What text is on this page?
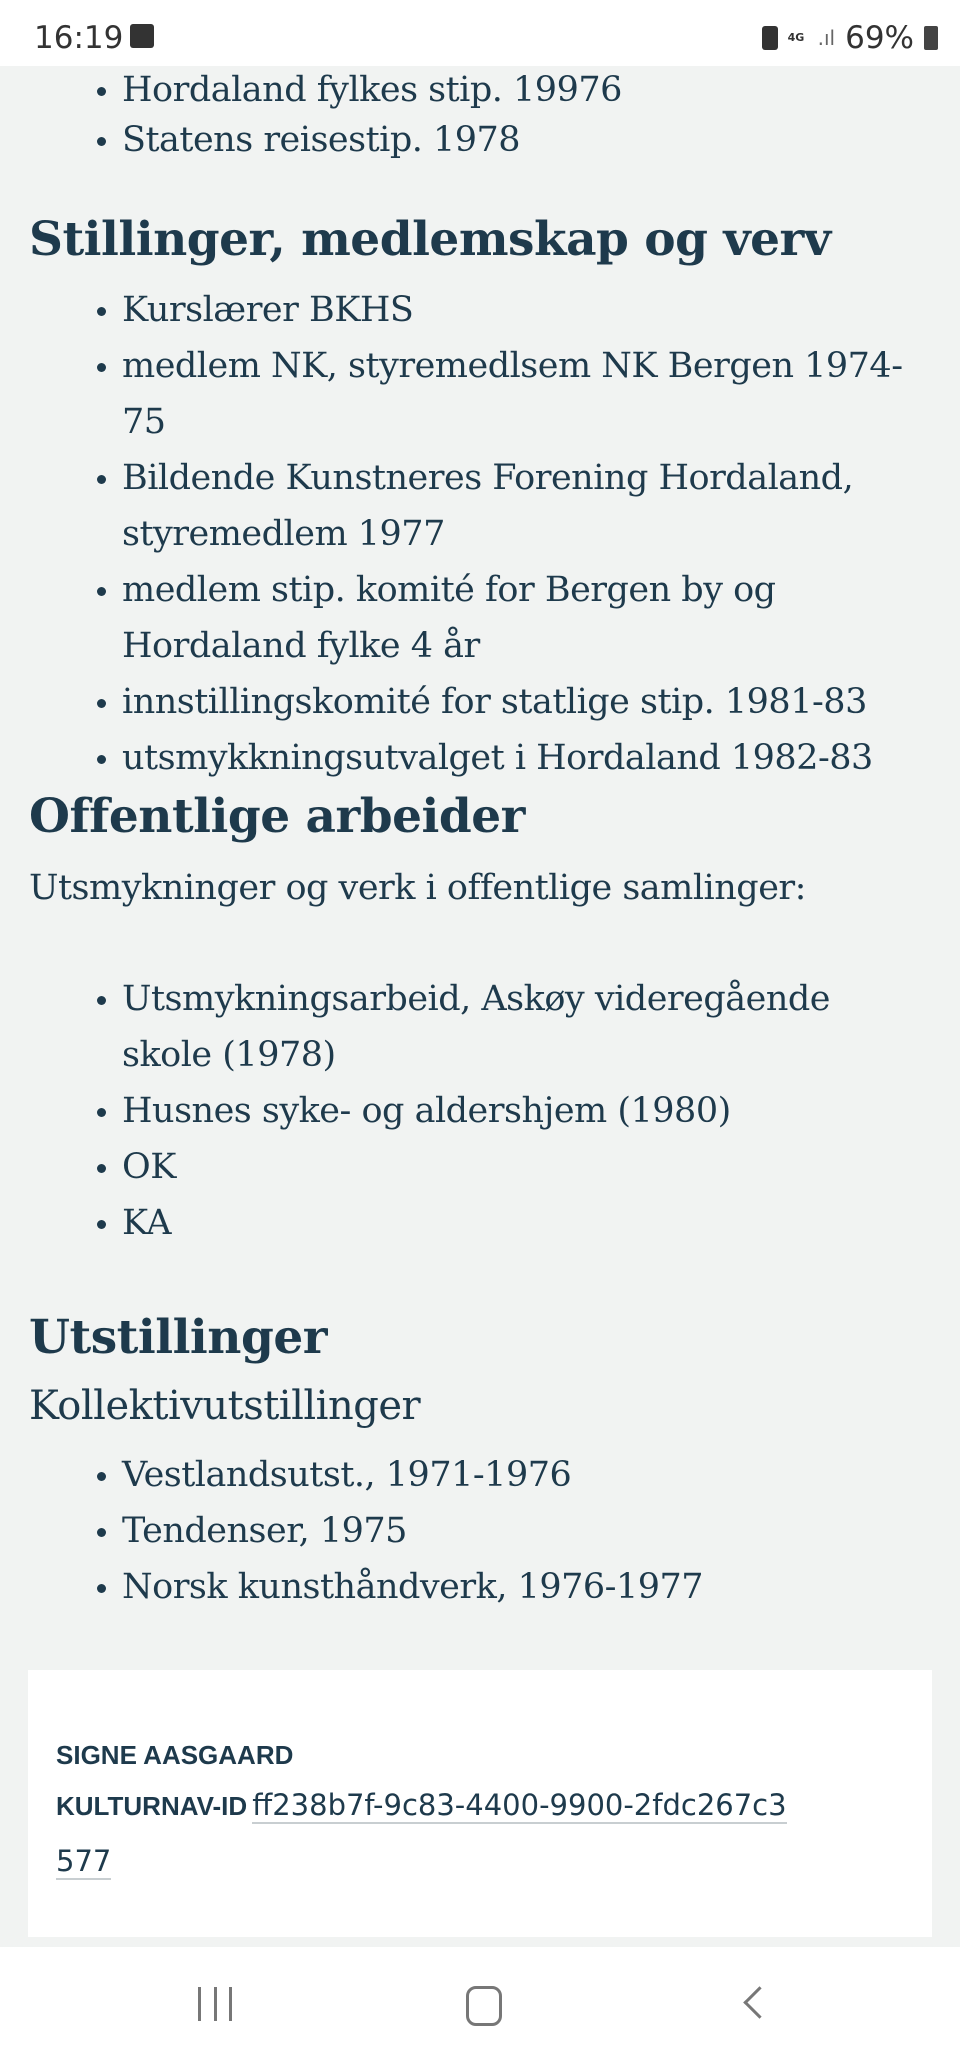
16:19	4G .ıl 69%
Hordaland fylkes stip. 19976
Statens reisestip. 1978
Stillinger, medlemskap og verv
Kurslærer BKHS
medlem NK, styremedlsem NK Bergen 1974-75
Bildende Kunstneres Forening Hordaland, styremedlem 1977
medlem stip. komité for Bergen by og Hordaland fylke 4 år
innstillingskomité for statlige stip. 1981-83
utsmykkningsutvalget i Hordaland 1982-83
Offentlige arbeider
Utsmykninger og verk i offentlige samlinger:
Utsmykningsarbeid, Askøy videregående skole (1978)
Husnes syke- og aldershjem (1980)
OK
KA
Utstillinger
Kollektivutstillinger
Vestlandsutst., 1971-1976
Tendenser, 1975
Norsk kunsthåndverk, 1976-1977
SIGNE AASGAARD
KULTURNAV-ID ff238b7f-9c83-4400-9900-2fdc267c3577
